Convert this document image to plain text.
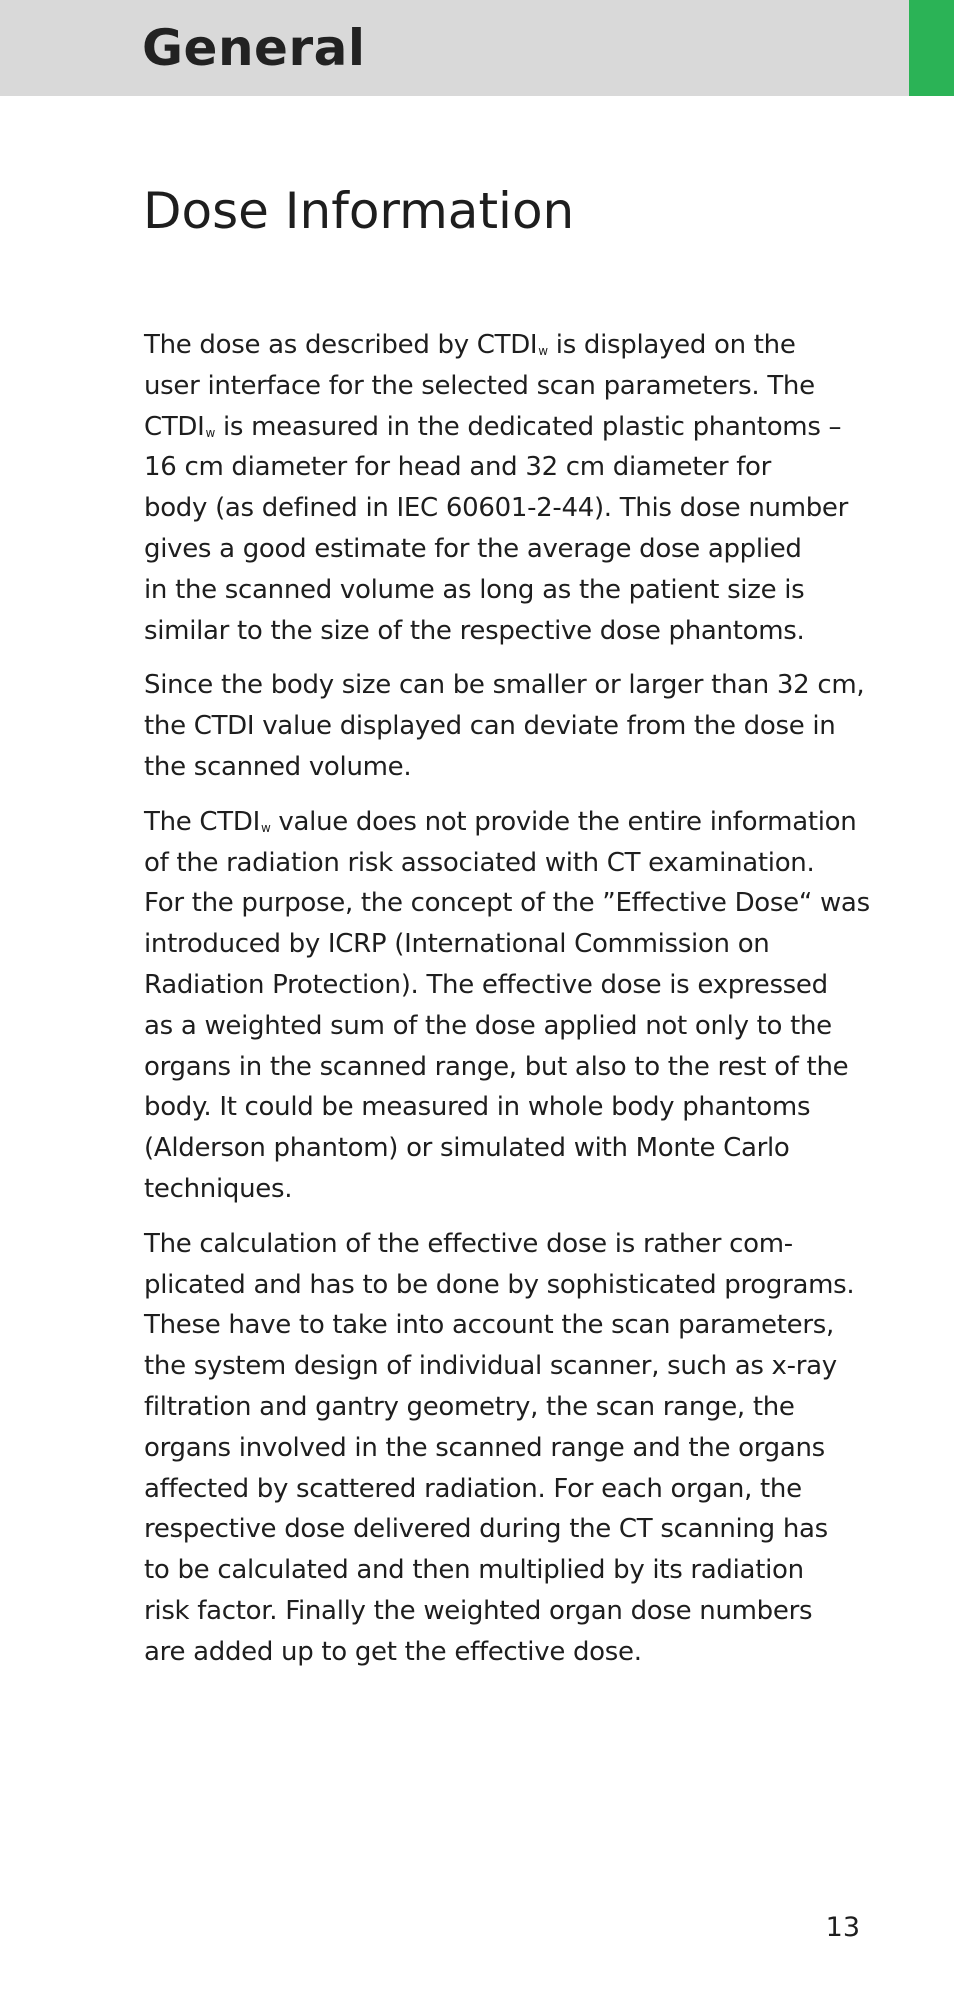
General
Dose Information

The dose as described by CTDIw is displayed on the
user interface for the selected scan parameters. The
CTDIw is measured in the dedicated plastic phantoms –
16 cm diameter for head and 32 cm diameter for
body (as defined in IEC 60601-2-44). This dose number
gives a good estimate for the average dose applied
in the scanned volume as long as the patient size is
similar to the size of the respective dose phantoms.

Since the body size can be smaller or larger than 32 cm,
the CTDI value displayed can deviate from the dose in
the scanned volume.

The CTDIw value does not provide the entire information
of the radiation risk associated with CT examination.
For the purpose, the concept of the ”Effective Dose“ was
introduced by ICRP (International Commission on
Radiation Protection). The effective dose is expressed
as a weighted sum of the dose applied not only to the
organs in the scanned range, but also to the rest of the
body. It could be measured in whole body phantoms
(Alderson phantom) or simulated with Monte Carlo
techniques.

The calculation of the effective dose is rather com-
plicated and has to be done by sophisticated programs.
These have to take into account the scan parameters,
the system design of individual scanner, such as x-ray
filtration and gantry geometry, the scan range, the
organs involved in the scanned range and the organs
affected by scattered radiation. For each organ, the
respective dose delivered during the CT scanning has
to be calculated and then multiplied by its radiation
risk factor. Finally the weighted organ dose numbers
are added up to get the effective dose.

13
